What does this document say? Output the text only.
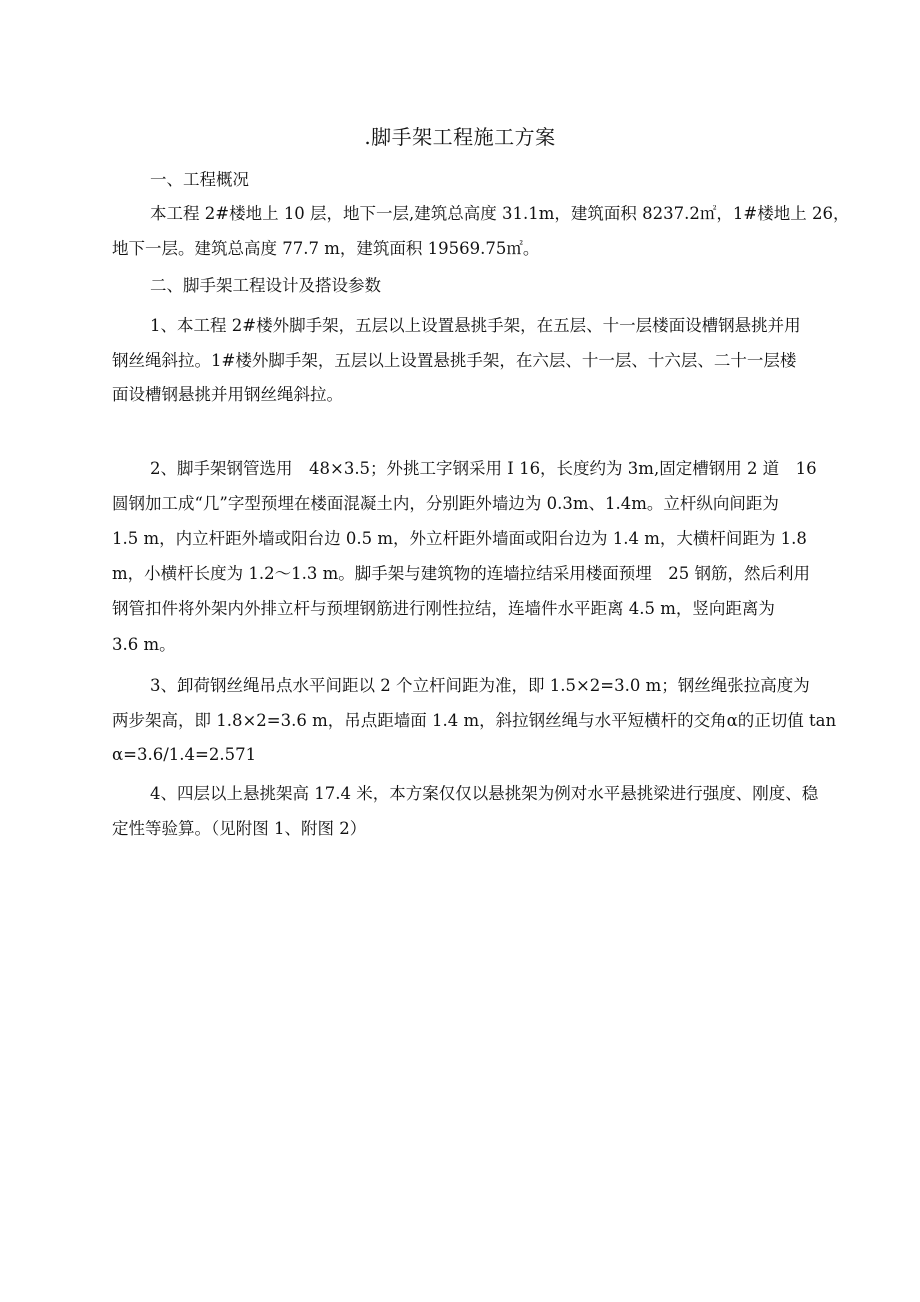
.脚手架工程施工方案
一、工程概况
本工程 2#楼地上 10 层，地下一层,建筑总高度 31.1m，建筑面积 8237.2㎡，1#楼地上 26，
地下一层。建筑总高度 77.7 m，建筑面积 19569.75㎡。
二、脚手架工程设计及搭设参数
1、本工程 2#楼外脚手架，五层以上设置悬挑手架，在五层、十一层楼面设槽钢悬挑并用
钢丝绳斜拉。1#楼外脚手架，五层以上设置悬挑手架，在六层、十一层、十六层、二十一层楼
面设槽钢悬挑并用钢丝绳斜拉。
2、脚手架钢管选用　48×3.5；外挑工字钢采用 I 16，长度约为 3m,固定槽钢用 2 道　16
圆钢加工成“几”字型预埋在楼面混凝土内，分别距外墙边为 0.3m、1.4m。立杆纵向间距为
1.5 m，内立杆距外墙或阳台边 0.5 m，外立杆距外墙面或阳台边为 1.4 m，大横杆间距为 1.8
m，小横杆长度为 1.2～1.3 m。脚手架与建筑物的连墙拉结采用楼面预埋　25 钢筋，然后利用
钢管扣件将外架内外排立杆与预埋钢筋进行刚性拉结，连墙件水平距离 4.5 m，竖向距离为
3.6 m。
3、卸荷钢丝绳吊点水平间距以 2 个立杆间距为准，即 1.5×2=3.0 m；钢丝绳张拉高度为
两步架高，即 1.8×2=3.6 m，吊点距墙面 1.4 m，斜拉钢丝绳与水平短横杆的交角α的正切值 tan
α=3.6/1.4=2.571
4、四层以上悬挑架高 17.4 米，本方案仅仅以悬挑架为例对水平悬挑梁进行强度、刚度、稳
定性等验算。（见附图 1、附图 2）
